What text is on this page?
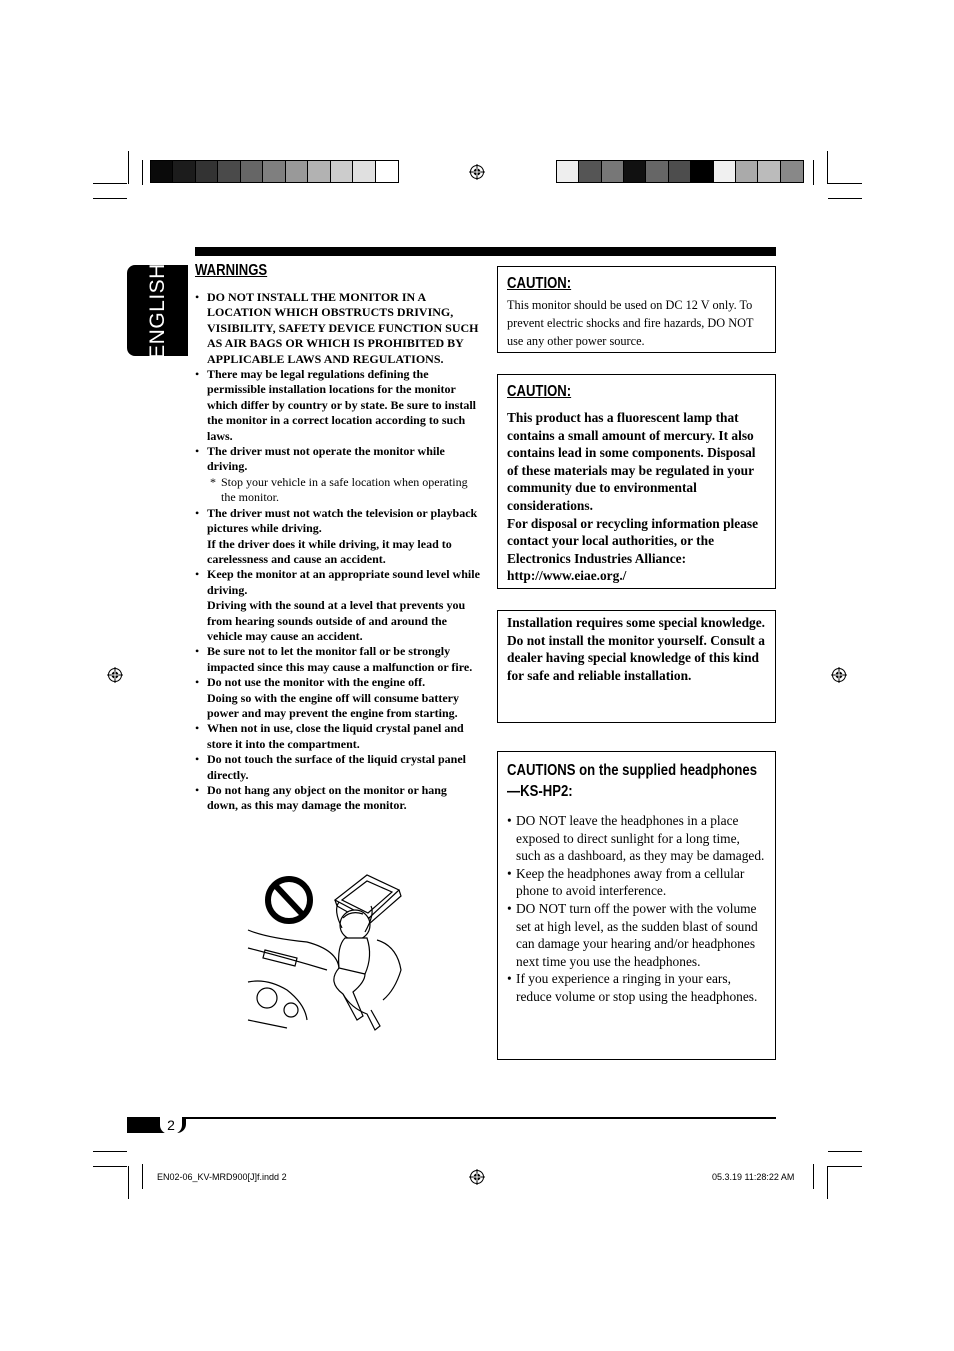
ENGLISH WARNINGS
• DO NOT INSTALL THE MONITOR IN A LOCATION WHICH OBSTRUCTS DRIVING, VISIBILITY, SAFETY DEVICE FUNCTION SUCH AS AIR BAGS OR WHICH IS PROHIBITED BY APPLICABLE LAWS AND REGULATIONS.
• There may be legal regulations defining the permissible installation locations for the monitor which differ by country or by state. Be sure to install the monitor in a correct location according to such laws.
• The driver must not operate the monitor while driving.
* Stop your vehicle in a safe location when operating the monitor.
• The driver must not watch the television or playback pictures while driving.
If the driver does it while driving, it may lead to carelessness and cause an accident.
• Keep the monitor at an appropriate sound level while driving.
Driving with the sound at a level that prevents you from hearing sounds outside of and around the vehicle may cause an accident.
• Be sure not to let the monitor fall or be strongly impacted since this may cause a malfunction or fire.
• Do not use the monitor with the engine off.
Doing so with the engine off will consume battery power and may prevent the engine from starting.
• When not in use, close the liquid crystal panel and store it into the compartment.
• Do not touch the surface of the liquid crystal panel directly.
• Do not hang any object on the monitor or hang down, as this may damage the monitor.
CAUTION:

This monitor should be used on DC 12 V only. To prevent electric shocks and fire hazards, DO NOT use any other power source.

CAUTION:

This product has a fluorescent lamp that contains a small amount of mercury. It also contains lead in some components. Disposal of these materials may be regulated in your community due to environmental considerations.

For disposal or recycling information please contact your local authorities, or the Electronics Industries Alliance: http://www.eiae.org./

Installation requires some special knowledge.

Do not install the monitor yourself. Consult a dealer having special knowledge of this kind for safe and reliable installation.

CAUTIONS on the supplied headphones —KS-HP2:
• DO NOT leave the headphones in a place exposed to direct sunlight for a long time, such as a dashboard, as they may be damaged.
• Keep the headphones away from a cellular phone to avoid interference.
• DO NOT turn off the power with the volume set at high level, as the sudden blast of sound can damage your hearing and/or headphones next time you use the headphones.
• If you experience a ringing in your ears, reduce volume or stop using the headphones.
2
EN02-06_KV-MRD900[J]f.indd 2	05.3.19 11:28:22 AM
